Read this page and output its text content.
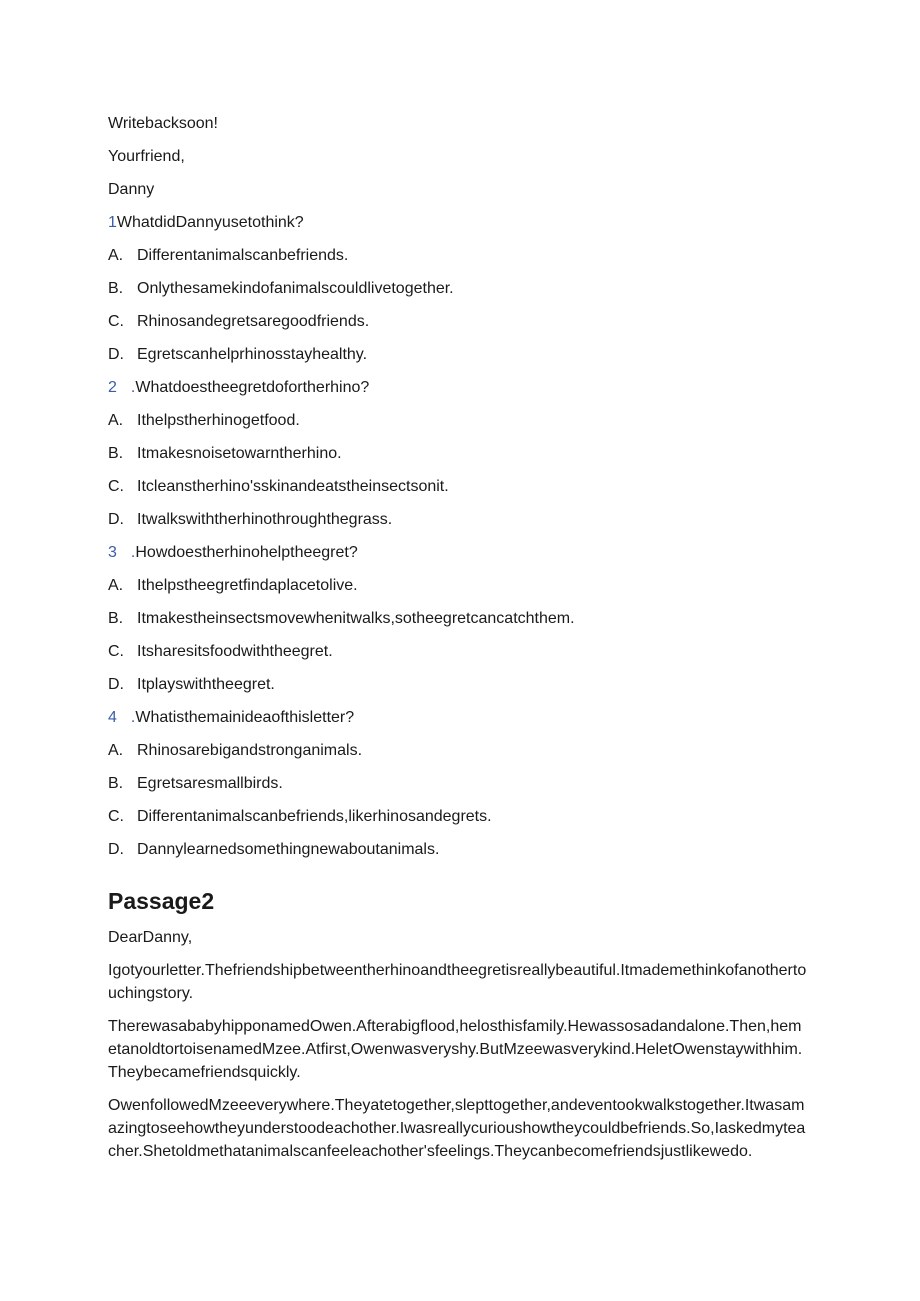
Writebacksoon!
Yourfriend,
Danny
1WhatdidDannyusetothink?
A. Differentanimalscanbefriends.
B. Onlythesamekindofanimalscouldlivetogether.
C. Rhinosandegretsaregoodfriends.
D. Egretscanhelprhinosstayhealthy.
2 .Whatdoestheegretdofortherhino?
A. Ithelpstherhinogetfood.
B. Itmakesnoisetowarntherhino.
C. Itcleanstherhino'sskinandeatstheinsectsonit.
D. Itwalkswiththerhinothroughthegrass.
3 .Howdoestherhinohelptheegret?
A. Ithelpstheegretfindaplacetolive.
B. Itmakestheinsectsmovewhenitwalks,sotheegretcancatchthem.
C. Itsharesitsfoodwiththeegret.
D. Itplayswiththeegret.
4 .Whatisthemainideaofthisletter?
A. Rhinosarebigandstronganimals.
B. Egretsaresmallbirds.
C. Differentanimalscanbefriends,likerhinosandegrets.
D. Dannylearnedsomethingnewaboutanimals.
Passage2
DearDanny,
Igotyourletter.Thefriendshipbetweentherhinoandtheegretisreallybeautiful.Itmademethinkofanothertouchingstory.
TherewasababyhipponamedOwen.Afterabigflood,helosthisfamily.Hewassosadandalone.Then,hemetanoldtortoisenamedMzee.Atfirst,Owenwasveryshy.ButMzeewasverykind.HeletOwenstaywithhim.Theybecamefriendsquickly.
OwenfollowedMzeeeverywhere.Theyatetogether,slepttogether,andeventookwalkstogether.Itwasamazingtoseehowtheyunderstoodeachother.Iwasreallycurioushowtheycouldbefriends.So,Iaskedmyteacher.Shetoldmethatanimalscanfeeleachother'sfeelings.Theycanbecomefriendsjustlikewedo.
